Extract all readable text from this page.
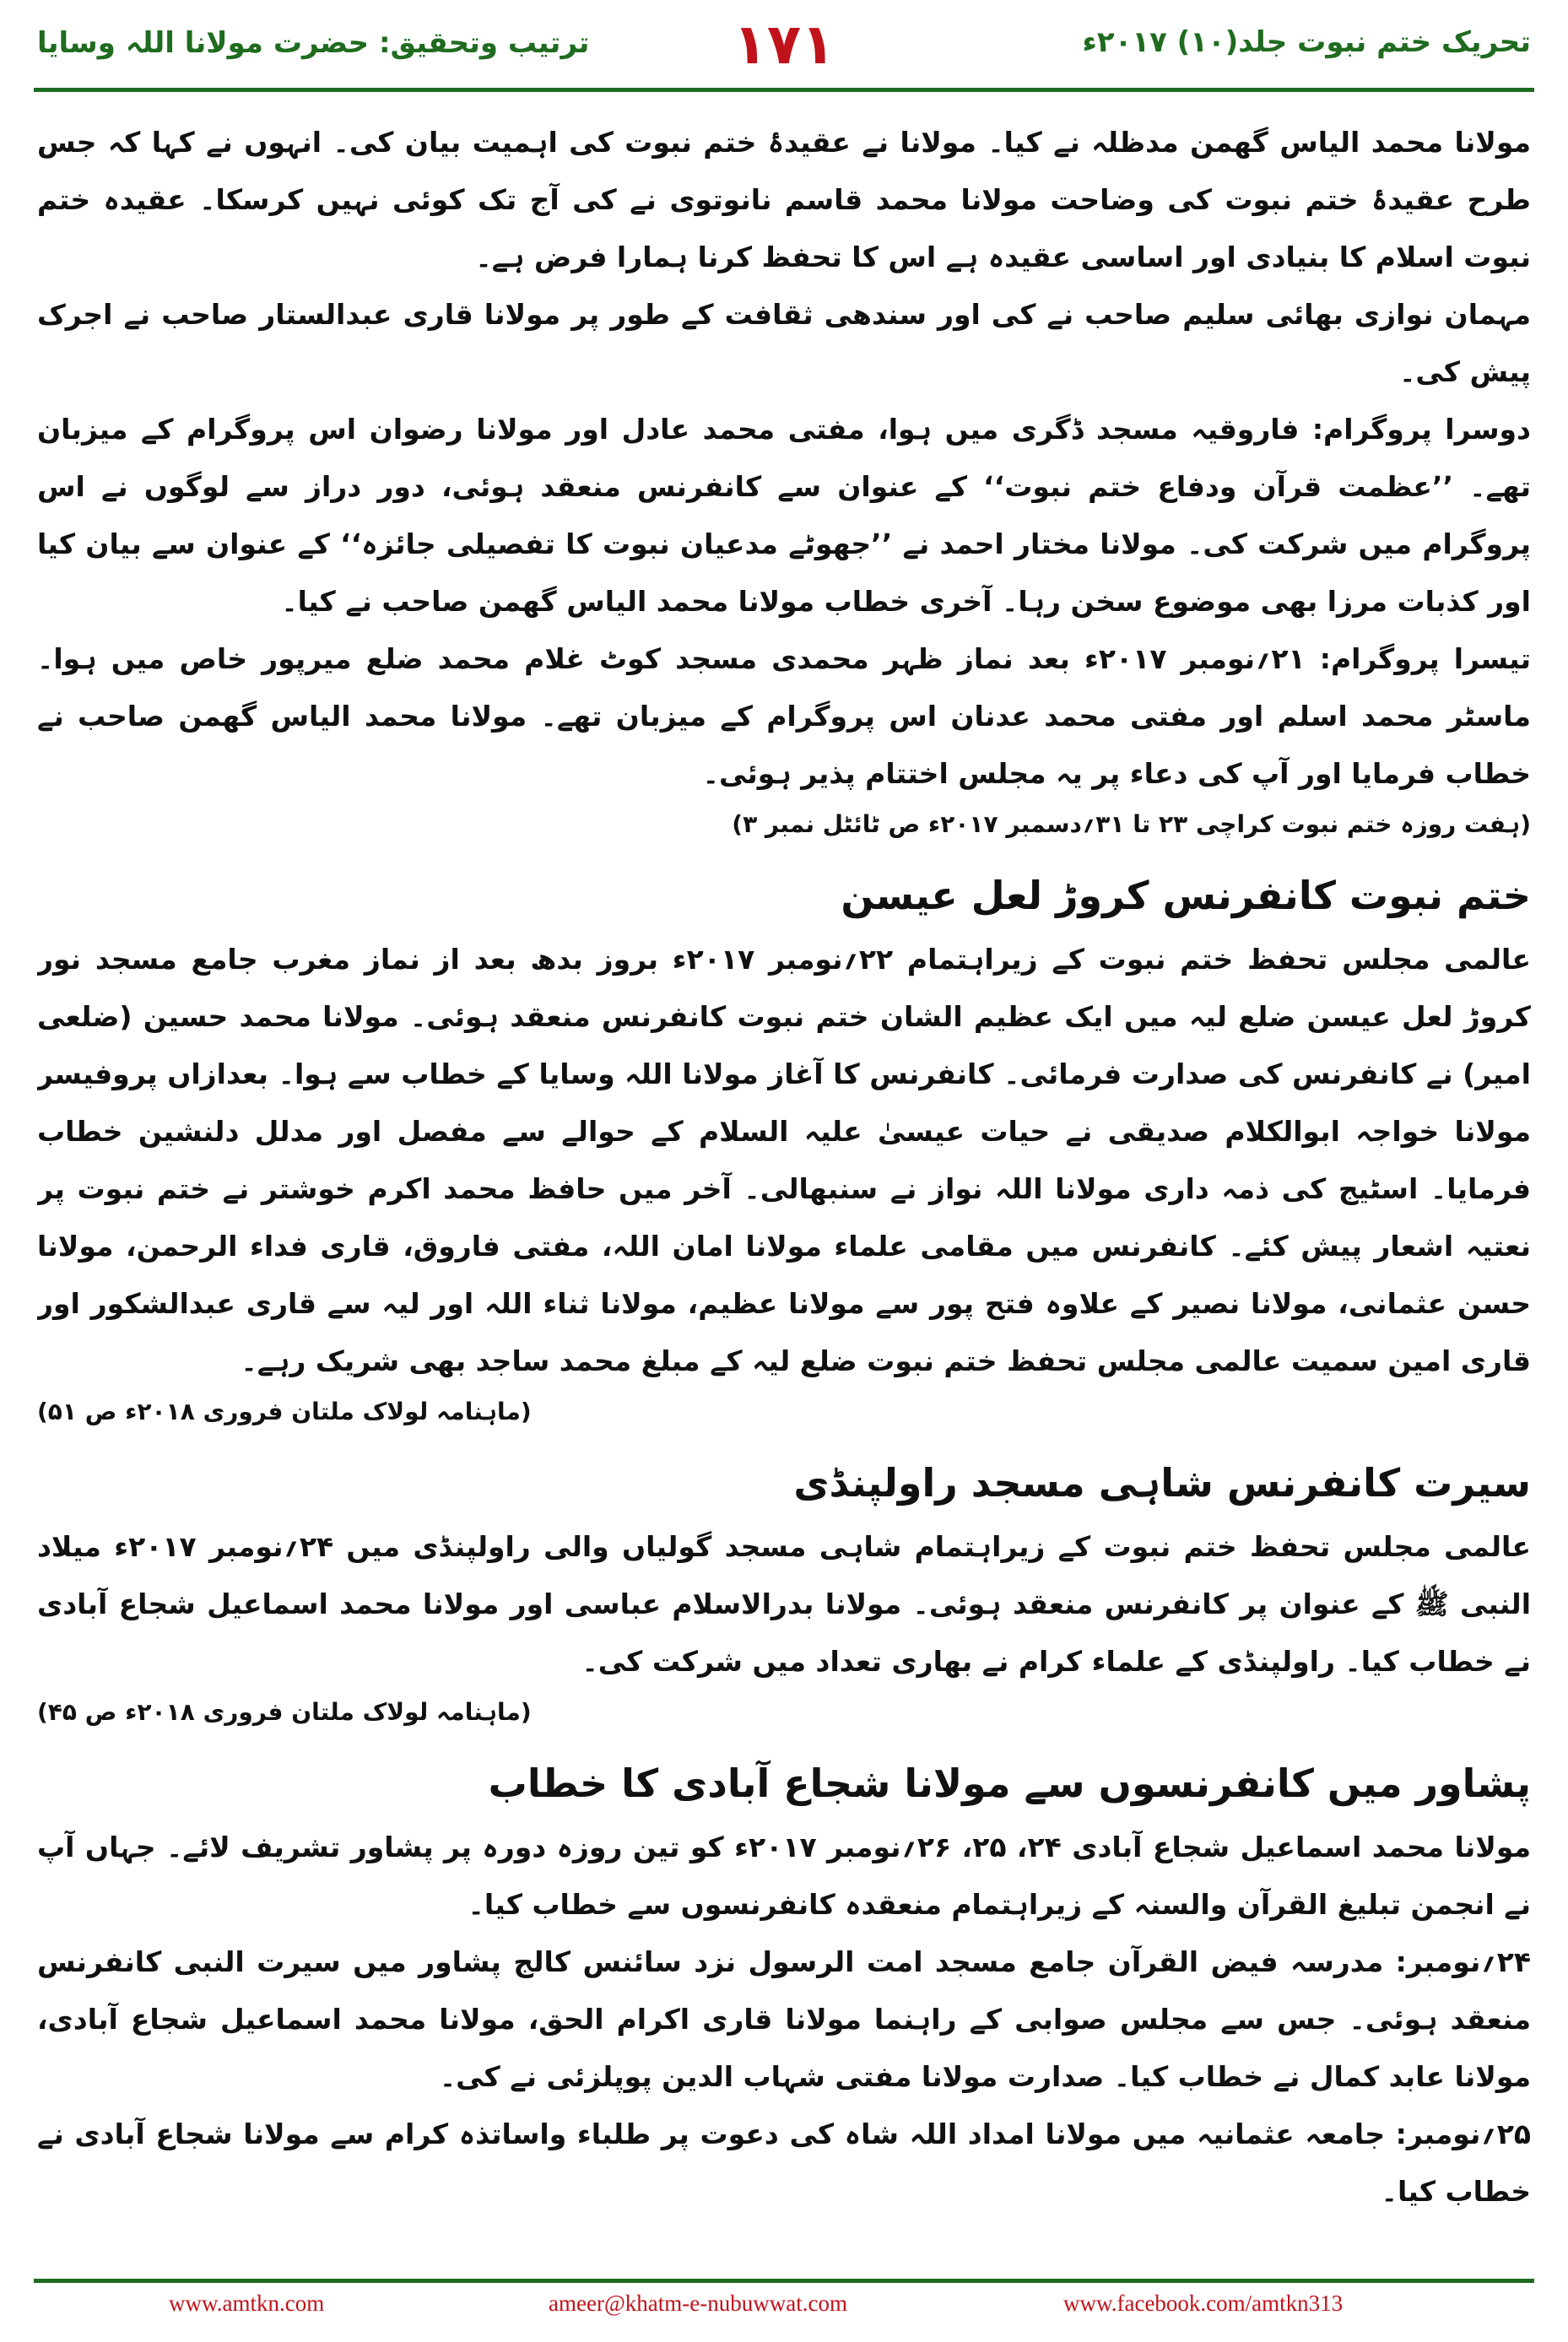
ترتیب وتحقیق: حضرت مولانا اللہ وسایا	۱۷۱	تحریک ختم نبوت جلد(۱۰) ۲۰۱۷ء

مولانا محمد الیاس گھمن مدظلہ نے کیا۔ مولانا نے عقیدۂ ختم نبوت کی اہمیت بیان کی۔ انہوں نے کہا کہ جس طرح عقیدۂ ختم نبوت کی وضاحت مولانا محمد قاسم نانوتوی نے کی آج تک کوئی نہیں کرسکا۔ عقیدہ ختم نبوت اسلام کا بنیادی اور اساسی عقیدہ ہے اس کا تحفظ کرنا ہمارا فرض ہے۔

مہمان نوازی بھائی سلیم صاحب نے کی اور سندھی ثقافت کے طور پر مولانا قاری عبدالستار صاحب نے اجرک پیش کی۔

دوسرا پروگرام: فاروقیہ مسجد ڈگری میں ہوا، مفتی محمد عادل اور مولانا رضوان اس پروگرام کے میزبان تھے۔ ’’عظمت قرآن ودفاع ختم نبوت‘‘ کے عنوان سے کانفرنس منعقد ہوئی، دور دراز سے لوگوں نے اس پروگرام میں شرکت کی۔ مولانا مختار احمد نے ’’جھوٹے مدعیان نبوت کا تفصیلی جائزہ‘‘ کے عنوان سے بیان کیا اور کذبات مرزا بھی موضوع سخن رہا۔ آخری خطاب مولانا محمد الیاس گھمن صاحب نے کیا۔

تیسرا پروگرام: ۲۱؍نومبر ۲۰۱۷ء بعد نماز ظہر محمدی مسجد کوٹ غلام محمد ضلع میرپور خاص میں ہوا۔ ماسٹر محمد اسلم اور مفتی محمد عدنان اس پروگرام کے میزبان تھے۔ مولانا محمد الیاس گھمن صاحب نے خطاب فرمایا اور آپ کی دعاء پر یہ مجلس اختتام پذیر ہوئی۔

(ہفت روزہ ختم نبوت کراچی ۲۳ تا ۳۱؍دسمبر ۲۰۱۷ء ص ٹائٹل نمبر ۳)

ختم نبوت کانفرنس کروڑ لعل عیسن

عالمی مجلس تحفظ ختم نبوت کے زیراہتمام ۲۲؍نومبر ۲۰۱۷ء بروز بدھ بعد از نماز مغرب جامع مسجد نور کروڑ لعل عیسن ضلع لیہ میں ایک عظیم الشان ختم نبوت کانفرنس منعقد ہوئی۔ مولانا محمد حسین (ضلعی امیر) نے کانفرنس کی صدارت فرمائی۔ کانفرنس کا آغاز مولانا اللہ وسایا کے خطاب سے ہوا۔ بعدازاں پروفیسر مولانا خواجہ ابوالکلام صدیقی نے حیات عیسیٰ علیہ السلام کے حوالے سے مفصل اور مدلل دلنشین خطاب فرمایا۔ اسٹیج کی ذمہ داری مولانا اللہ نواز نے سنبھالی۔ آخر میں حافظ محمد اکرم خوشتر نے ختم نبوت پر نعتیہ اشعار پیش کئے۔ کانفرنس میں مقامی علماء مولانا امان اللہ، مفتی فاروق، قاری فداء الرحمن، مولانا حسن عثمانی، مولانا نصیر کے علاوہ فتح پور سے مولانا عظیم، مولانا ثناء اللہ اور لیہ سے قاری عبدالشکور اور قاری امین سمیت عالمی مجلس تحفظ ختم نبوت ضلع لیہ کے مبلغ محمد ساجد بھی شریک رہے۔

(ماہنامہ لولاک ملتان فروری ۲۰۱۸ء ص ۵۱)

سیرت کانفرنس شاہی مسجد راولپنڈی

عالمی مجلس تحفظ ختم نبوت کے زیراہتمام شاہی مسجد گولیاں والی راولپنڈی میں ۲۴؍نومبر ۲۰۱۷ء میلاد النبی ﷺ کے عنوان پر کانفرنس منعقد ہوئی۔ مولانا بدرالاسلام عباسی اور مولانا محمد اسماعیل شجاع آبادی نے خطاب کیا۔ راولپنڈی کے علماء کرام نے بھاری تعداد میں شرکت کی۔

(ماہنامہ لولاک ملتان فروری ۲۰۱۸ء ص ۴۵)

پشاور میں کانفرنسوں سے مولانا شجاع آبادی کا خطاب

مولانا محمد اسماعیل شجاع آبادی ۲۴، ۲۵، ۲۶؍نومبر ۲۰۱۷ء کو تین روزہ دورہ پر پشاور تشریف لائے۔ جہاں آپ نے انجمن تبلیغ القرآن والسنہ کے زیراہتمام منعقدہ کانفرنسوں سے خطاب کیا۔

۲۴؍نومبر: مدرسہ فیض القرآن جامع مسجد امت الرسول نزد سائنس کالج پشاور میں سیرت النبی کانفرنس منعقد ہوئی۔ جس سے مجلس صوابی کے راہنما مولانا قاری اکرام الحق، مولانا محمد اسماعیل شجاع آبادی، مولانا عابد کمال نے خطاب کیا۔ صدارت مولانا مفتی شہاب الدین پوپلزئی نے کی۔

۲۵؍نومبر: جامعہ عثمانیہ میں مولانا امداد اللہ شاہ کی دعوت پر طلباء واساتذہ کرام سے مولانا شجاع آبادی نے خطاب کیا۔

www.amtkn.com	ameer@khatm-e-nubuwwat.com	www.facebook.com/amtkn313
